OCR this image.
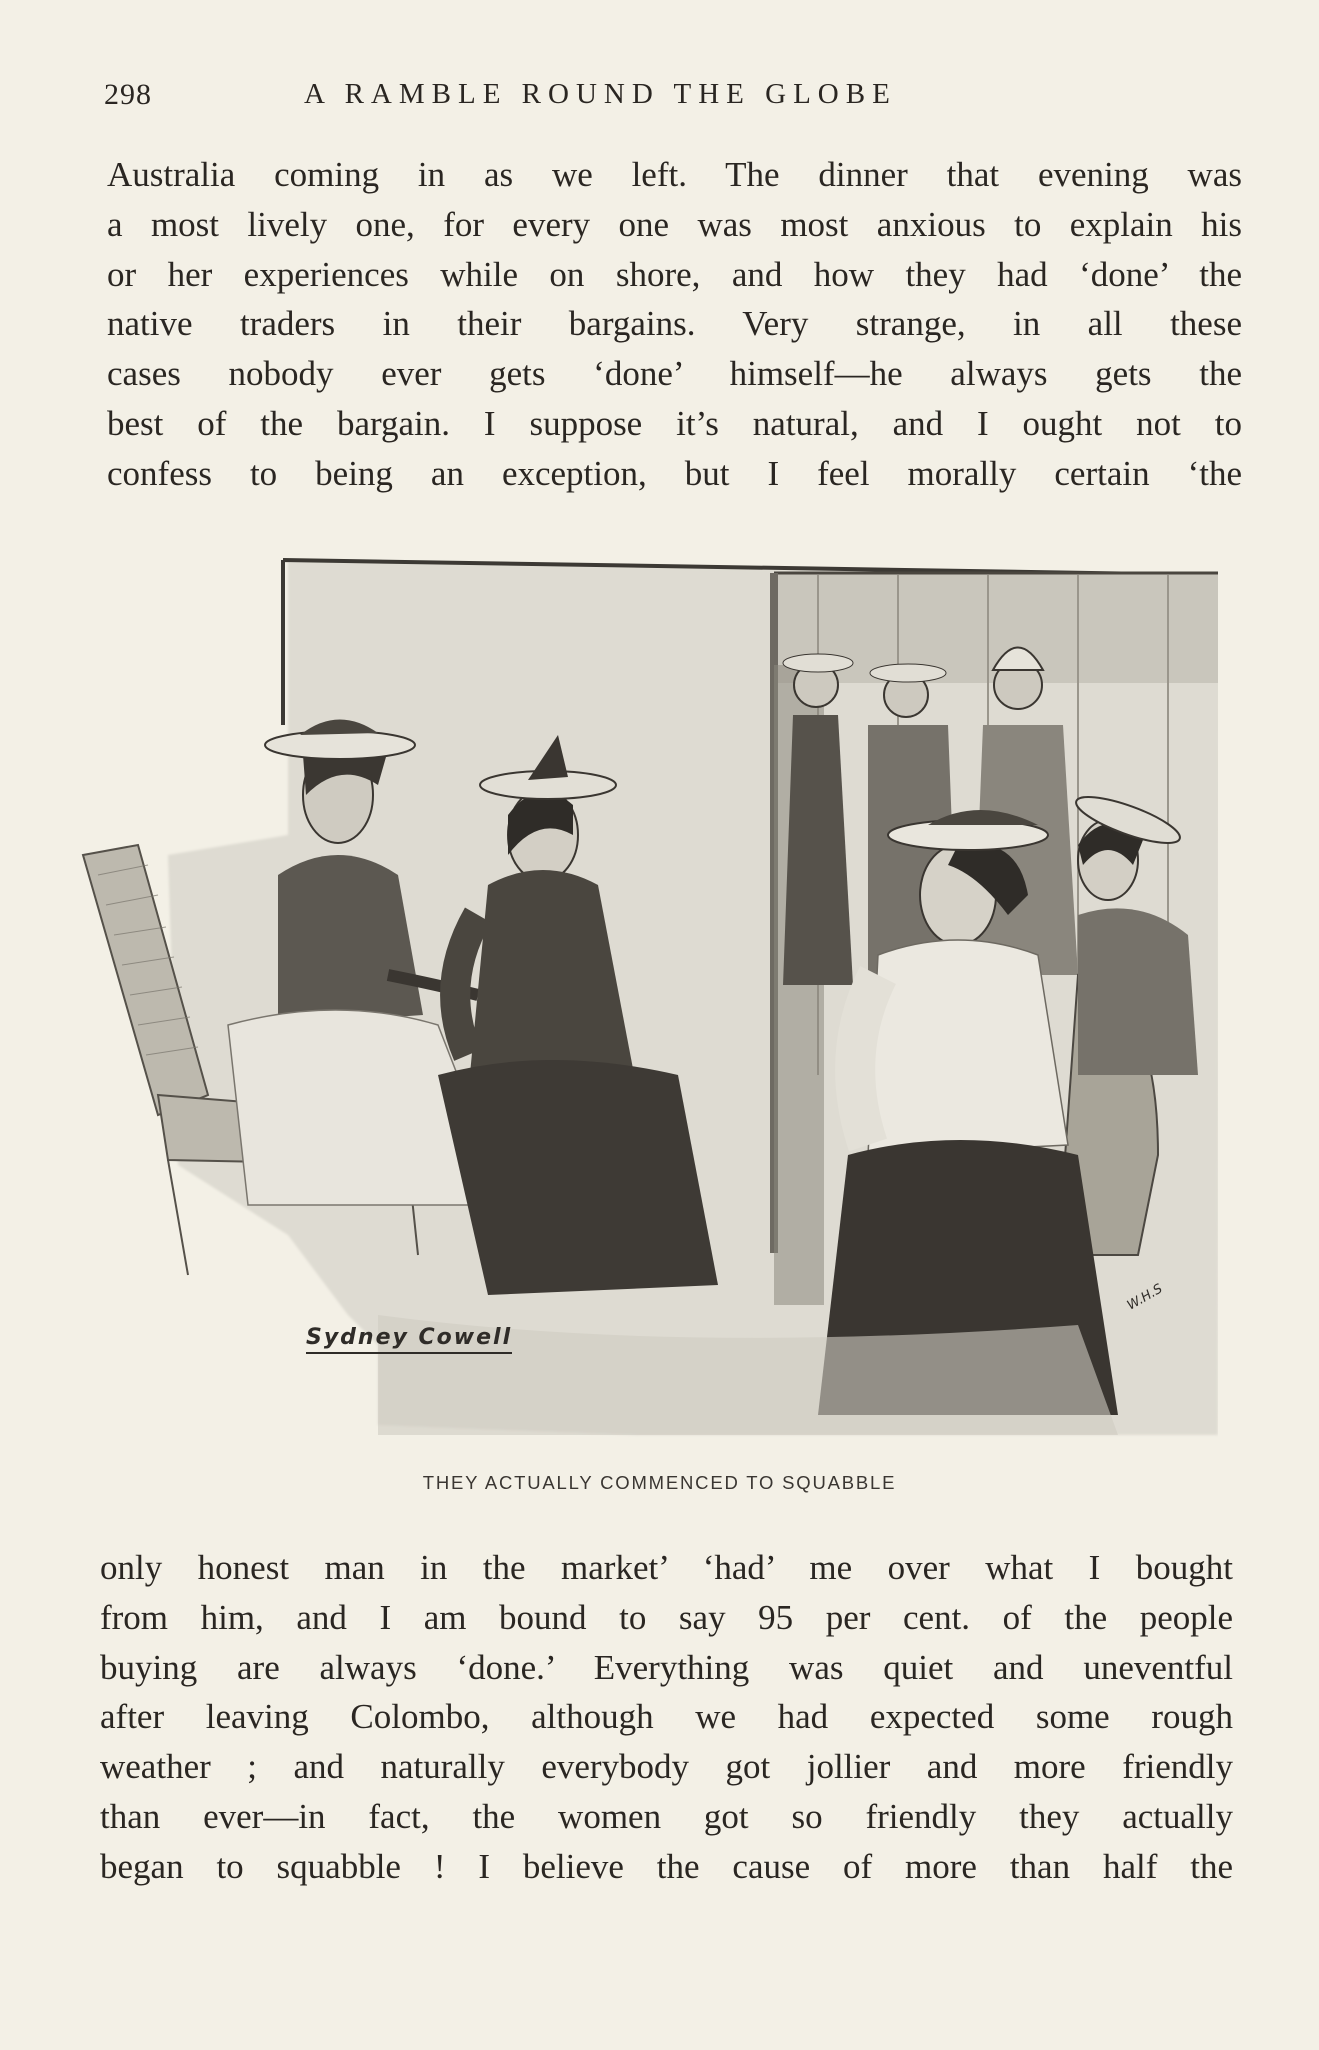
298	A RAMBLE ROUND THE GLOBE
Australia coming in as we left. The dinner that evening was
a most lively one, for every one was most anxious to explain his
or her experiences while on shore, and how they had ‘done’ the
native traders in their bargains. Very strange, in all these
cases nobody ever gets ‘done’ himself—he always gets the
best of the bargain. I suppose it’s natural, and I ought not to
confess to being an exception, but I feel morally certain ‘the
Sydney Cowell
W.H.S
THEY ACTUALLY COMMENCED TO SQUABBLE
only honest man in the market’ ‘had’ me over what I bought
from him, and I am bound to say 95 per cent. of the people
buying are always ‘done.’ Everything was quiet and uneventful
after leaving Colombo, although we had expected some rough
weather ; and naturally everybody got jollier and more friendly
than ever—in fact, the women got so friendly they actually
began to squabble ! I believe the cause of more than half the
